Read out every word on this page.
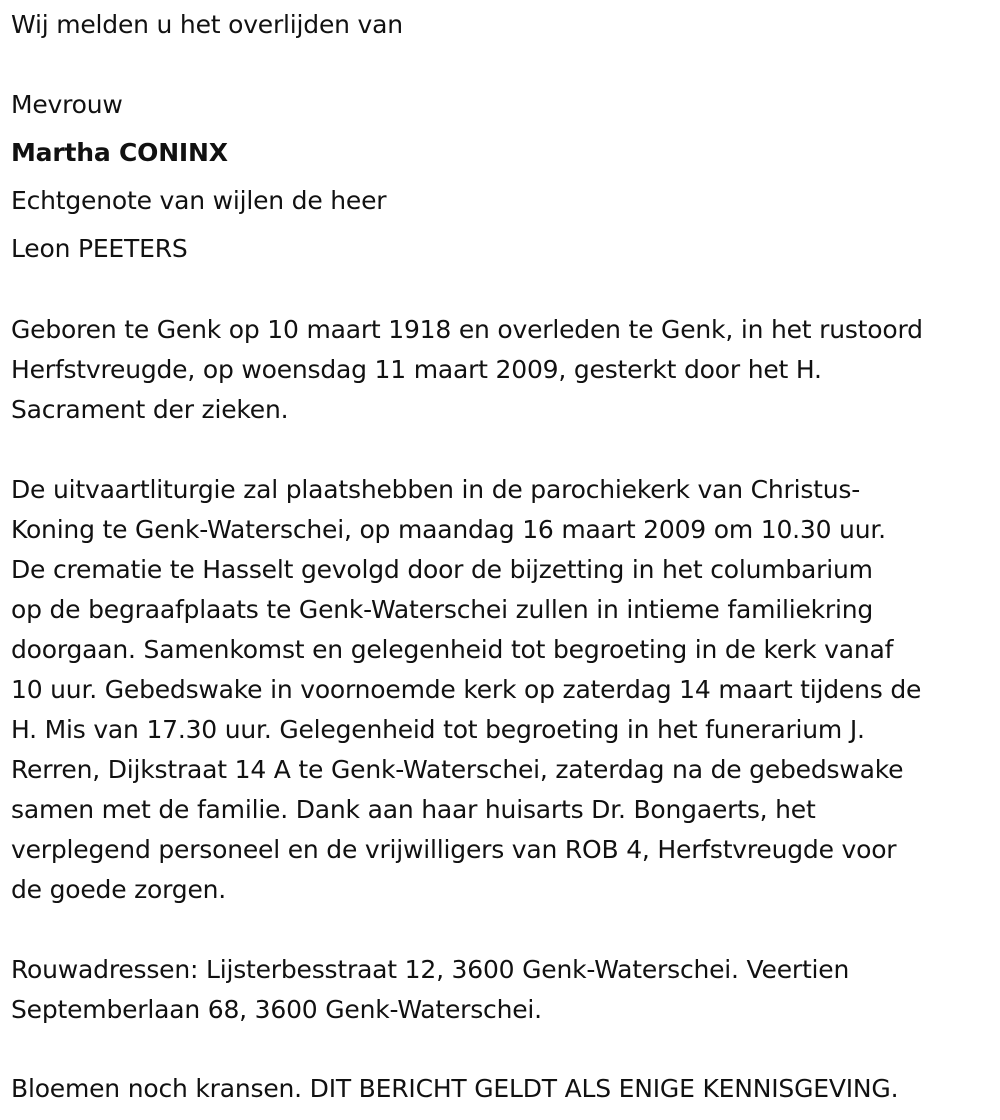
Wij melden u het overlijden van
Mevrouw
Martha CONINX
Echtgenote van wijlen de heer
Leon PEETERS
Geboren te Genk op 10 maart 1918 en overleden te Genk, in het rustoord
Herfstvreugde, op woensdag 11 maart 2009, gesterkt door het H.
Sacrament der zieken.
De uitvaartliturgie zal plaatshebben in de parochiekerk van Christus-
Koning te Genk-Waterschei, op maandag 16 maart 2009 om 10.30 uur.
De crematie te Hasselt gevolgd door de bijzetting in het columbarium
op de begraafplaats te Genk-Waterschei zullen in intieme familiekring
doorgaan. Samenkomst en gelegenheid tot begroeting in de kerk vanaf
10 uur. Gebedswake in voornoemde kerk op zaterdag 14 maart tijdens de
H. Mis van 17.30 uur. Gelegenheid tot begroeting in het funerarium J.
Rerren, Dijkstraat 14 A te Genk-Waterschei, zaterdag na de gebedswake
samen met de familie. Dank aan haar huisarts Dr. Bongaerts, het
verplegend personeel en de vrijwilligers van ROB 4, Herfstvreugde voor
de goede zorgen.
Rouwadressen: Lijsterbesstraat 12, 3600 Genk-Waterschei. Veertien
Septemberlaan 68, 3600 Genk-Waterschei.
Bloemen noch kransen. DIT BERICHT GELDT ALS ENIGE KENNISGEVING.
